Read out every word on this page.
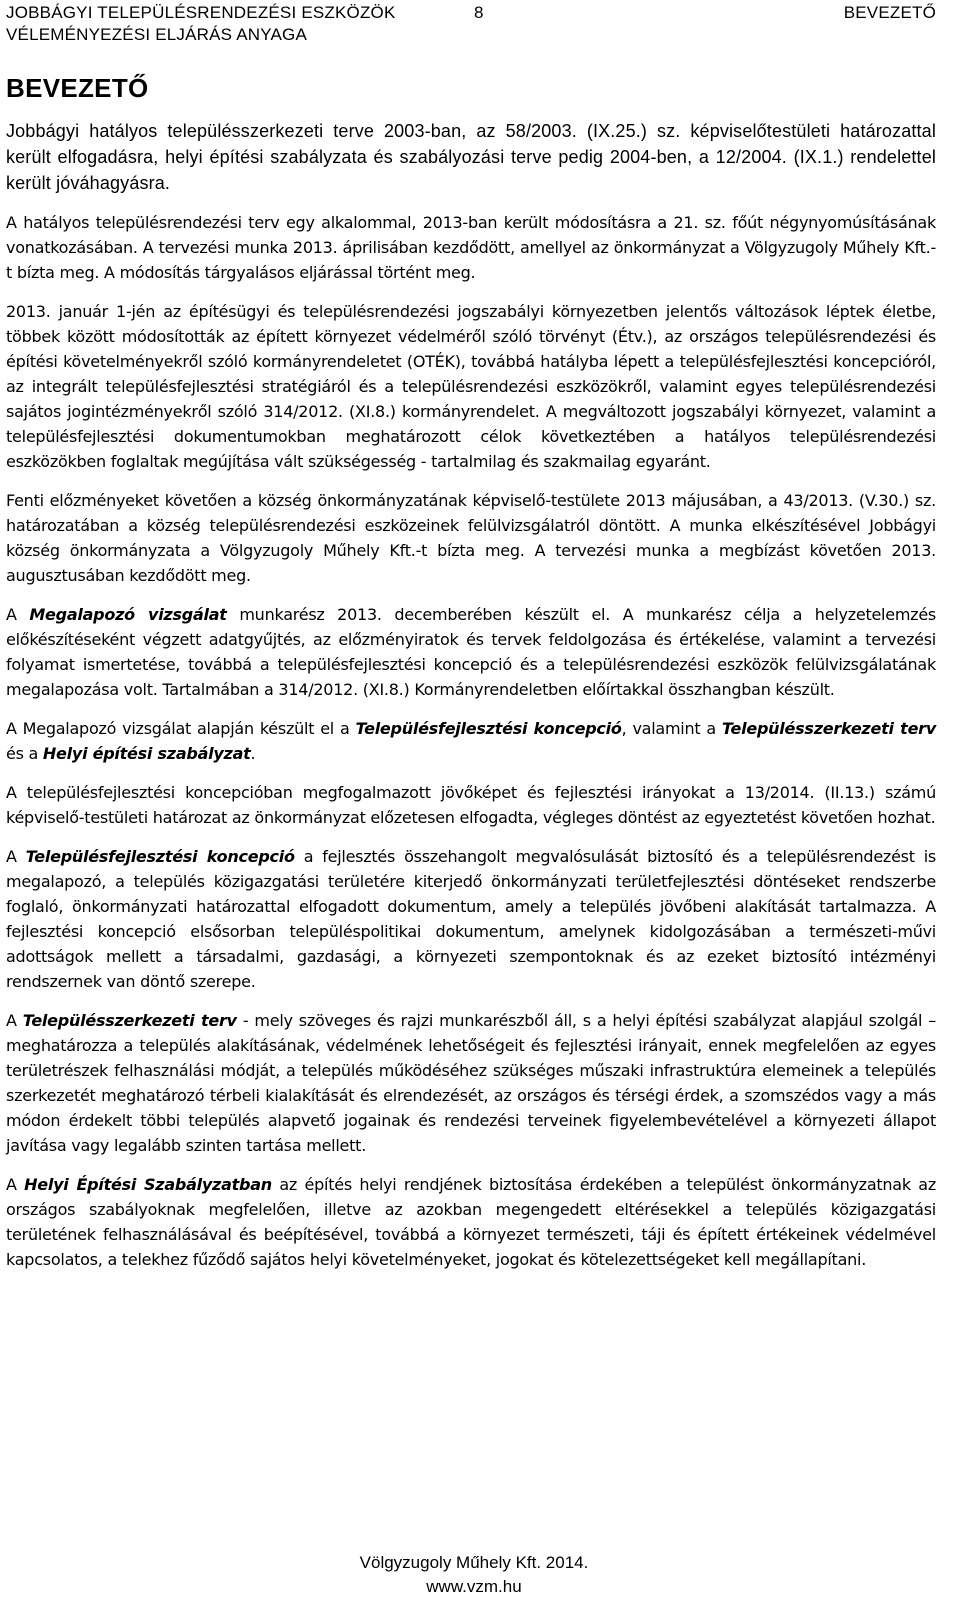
JOBBÁGYI TELEPÜLÉSRENDEZÉSI ESZKÖZÖK
VÉLEMÉNYEZÉSI ELJÁRÁS ANYAGA
8	BEVEZETŐ
BEVEZETŐ

Jobbágyi hatályos településszerkezeti terve 2003-ban, az 58/2003. (IX.25.) sz. képviselőtestületi határozattal került elfogadásra, helyi építési szabályzata és szabályozási terve pedig 2004-ben, a 12/2004. (IX.1.) rendelettel került jóváhagyásra.

A hatályos településrendezési terv egy alkalommal, 2013-ban került módosításra a 21. sz. főút négynyomúsításának vonatkozásában. A tervezési munka 2013. áprilisában kezdődött, amellyel az önkormányzat a Völgyzugoly Műhely Kft.-t bízta meg. A módosítás tárgyalásos eljárással történt meg.

2013. január 1-jén az építésügyi és településrendezési jogszabályi környezetben jelentős változások léptek életbe, többek között módosították az épített környezet védelméről szóló törvényt (Étv.), az országos településrendezési és építési követelményekről szóló kormányrendeletet (OTÉK), továbbá hatályba lépett a településfejlesztési koncepcióról, az integrált településfejlesztési stratégiáról és a településrendezési eszközökről, valamint egyes településrendezési sajátos jogintézményekről szóló 314/2012. (XI.8.) kormányrendelet. A megváltozott jogszabályi környezet, valamint a településfejlesztési dokumentumokban meghatározott célok következtében a hatályos településrendezési eszközökben foglaltak megújítása vált szükségesség - tartalmilag és szakmailag egyaránt.

Fenti előzményeket követően a község önkormányzatának képviselő-testülete 2013 májusában, a 43/2013. (V.30.) sz. határozatában a község településrendezési eszközeinek felülvizsgálatról döntött. A munka elkészítésével Jobbágyi község önkormányzata a Völgyzugoly Műhely Kft.-t bízta meg. A tervezési munka a megbízást követően 2013. augusztusában kezdődött meg.

A Megalapozó vizsgálat munkarész 2013. decemberében készült el. A munkarész célja a helyzetelemzés előkészítéseként végzett adatgyűjtés, az előzményiratok és tervek feldolgozása és értékelése, valamint a tervezési folyamat ismertetése, továbbá a településfejlesztési koncepció és a településrendezési eszközök felülvizsgálatának megalapozása volt. Tartalmában a 314/2012. (XI.8.) Kormányrendeletben előírtakkal összhangban készült.

A Megalapozó vizsgálat alapján készült el a Településfejlesztési koncepció, valamint a Településszerkezeti terv és a Helyi építési szabályzat.

A településfejlesztési koncepcióban megfogalmazott jövőképet és fejlesztési irányokat a 13/2014. (II.13.) számú képviselő-testületi határozat az önkormányzat előzetesen elfogadta, végleges döntést az egyeztetést követően hozhat.

A Településfejlesztési koncepció a fejlesztés összehangolt megvalósulását biztosító és a településrendezést is megalapozó, a település közigazgatási területére kiterjedő önkormányzati területfejlesztési döntéseket rendszerbe foglaló, önkormányzati határozattal elfogadott dokumentum, amely a település jövőbeni alakítását tartalmazza. A fejlesztési koncepció elsősorban településpolitikai dokumentum, amelynek kidolgozásában a természeti-művi adottságok mellett a társadalmi, gazdasági, a környezeti szempontoknak és az ezeket biztosító intézményi rendszernek van döntő szerepe.

A Településszerkezeti terv - mely szöveges és rajzi munkarészből áll, s a helyi építési szabályzat alapjául szolgál – meghatározza a település alakításának, védelmének lehetőségeit és fejlesztési irányait, ennek megfelelően az egyes területrészek felhasználási módját, a település működéséhez szükséges műszaki infrastruktúra elemeinek a település szerkezetét meghatározó térbeli kialakítását és elrendezését, az országos és térségi érdek, a szomszédos vagy a más módon érdekelt többi település alapvető jogainak és rendezési terveinek figyelembevételével a környezeti állapot javítása vagy legalább szinten tartása mellett.

A Helyi Építési Szabályzatban az építés helyi rendjének biztosítása érdekében a települést önkormányzatnak az országos szabályoknak megfelelően, illetve az azokban megengedett eltérésekkel a település közigazgatási területének felhasználásával és beépítésével, továbbá a környezet természeti, táji és épített értékeinek védelmével kapcsolatos, a telekhez fűződő sajátos helyi követelményeket, jogokat és kötelezettségeket kell megállapítani.

Völgyzugoly Műhely Kft. 2014.
www.vzm.hu
